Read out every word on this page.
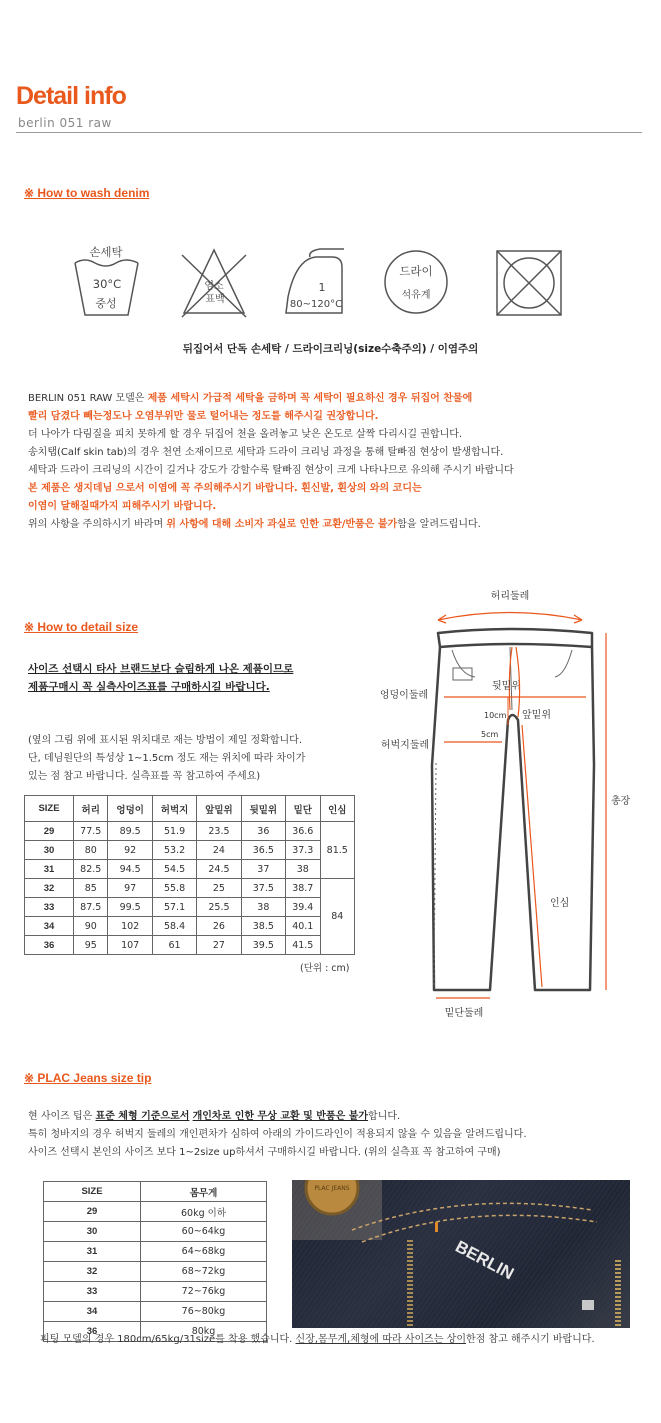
Detail info
berlin 051 raw
※ How to wash denim
손세탁
30°C
중성
염소
표백
1
80~120°C
드라이
석유계
뒤집어서 단독 손세탁 / 드라이크리닝(size수축주의) / 이염주의
BERLIN 051 RAW 모델은 제품 세탁시 가급적 세탁을 금하며 꼭 세탁이 필요하신 경우 뒤집어 찬물에
빨리 담겼다 빼는정도나 오염부위만 물로 털어내는 정도를 해주시길 권장합니다.
더 나아가 다림질을 피치 못하게 할 경우 뒤집어 천을 올려놓고 낮은 온도로 살짝 다리시길 권합니다.
송치탭(Calf skin tab)의 경우 천연 소재이므로 세탁과 드라이 크리닝 과정을 통해 탈빠짐 현상이 발생합니다.
세탁과 드라이 크리닝의 시간이 길거나 강도가 강할수록 탈빠짐 현상이 크게 나타나므로 유의해 주시기 바랍니다
본 제품은 생지데님 으로서 이염에 꼭 주의해주시기 바랍니다. 흰신발, 흰상의 와의 코디는
이염이 달해질때가지 피해주시기 바랍니다.
위의 사항을 주의하시기 바라며 위 사항에 대해 소비자 과실로 인한 교환/반품은 불가함을 알려드립니다.
※ How to detail size
사이즈 선택시 타사 브랜드보다 슬림하게 나온 제품이므로
제품구매시 꼭 실측사이즈표를 구매하시길 바랍니다.
(옆의 그림 위에 표시된 위치대로 재는 방법이 제일 정확합니다.
단, 데님원단의 특성상 1~1.5cm 정도 재는 위치에 따라 차이가
있는 점 참고 바랍니다. 실측표를 꼭 참고하여 주세요)
SIZE	허리	엉덩이	허벅지	앞밑위	뒷밑위	밑단	인심
29	77.5	89.5	51.9	23.5	36	36.6	81.5
30	80	92	53.2	24	36.5	37.3	
31	82.5	94.5	54.5	24.5	37	38	
32	85	97	55.8	25	37.5	38.7	84
33	87.5	99.5	57.1	25.5	38	39.4	
34	90	102	58.4	26	38.5	40.1	
36	95	107	61	27	39.5	41.5	
(단위 : cm)
허리둘레
엉덩이둘레
허벅지둘레
뒷밑위
앞밑위
10cm
5cm
총장
인심
밑단둘레
※ PLAC Jeans size tip
현 사이즈 팁은 표준 체형 기준으로서 개인차로 인한 무상 교환 및 반품은 불가합니다.
특히 청바지의 경우 허벅지 둘레의 개인편차가 심하여 아래의 가이드라인이 적용되지 않을 수 있음을 알려드립니다.
사이즈 선택시 본인의 사이즈 보다 1~2size up하셔서 구매하시길 바랍니다. (위의 실측표 꼭 참고하여 구매)
SIZE	몸무게
29	60kg 이하
30	60~64kg
31	64~68kg
32	68~72kg
33	72~76kg
34	76~80kg
36	80kg
PLAC JEANS
BERLIN
피팅 모델의 경우 180cm/65kg/31size를 착용 했습니다. 신장,몸무게,체형에 따라 사이즈는 상이한점 참고 해주시기 바랍니다.
